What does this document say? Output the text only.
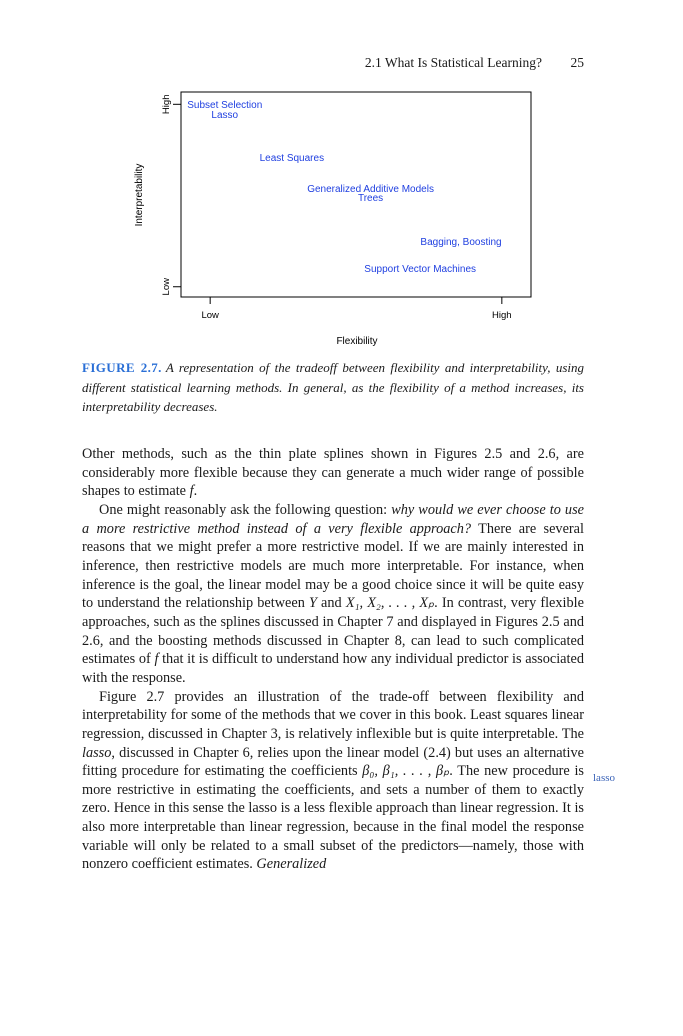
2.1 What Is Statistical Learning? 25
Low
High
Low	High
Subset Selection
Lasso
Least Squares
Generalized Additive Models
Trees
Bagging, Boosting
Support Vector Machines
Flexibility
Interpretability
FIGURE 2.7. A representation of the tradeoff between flexibility and interpretability, using different statistical learning methods. In general, as the flexibility of a method increases, its interpretability decreases.

Other methods, such as the thin plate splines shown in Figures 2.5 and 2.6, are considerably more flexible because they can generate a much wider range of possible shapes to estimate f.

One might reasonably ask the following question: why would we ever choose to use a more restrictive method instead of a very flexible approach? There are several reasons that we might prefer a more restrictive model. If we are mainly interested in inference, then restrictive models are much more interpretable. For instance, when inference is the goal, the linear model may be a good choice since it will be quite easy to understand the relationship between Y and X₁, X₂, . . . , Xₚ. In contrast, very flexible approaches, such as the splines discussed in Chapter 7 and displayed in Figures 2.5 and 2.6, and the boosting methods discussed in Chapter 8, can lead to such complicated estimates of f that it is difficult to understand how any individual predictor is associated with the response.

Figure 2.7 provides an illustration of the trade-off between flexibility and interpretability for some of the methods that we cover in this book. Least squares linear regression, discussed in Chapter 3, is relatively inflexible but is quite interpretable. The lasso, discussed in Chapter 6, relies upon the linear model (2.4) but uses an alternative fitting procedure for estimating the coefficients β₀, β₁, . . . , βₚ. The new procedure is more restrictive in estimating the coefficients, and sets a number of them to exactly zero. Hence in this sense the lasso is a less flexible approach than linear regression. It is also more interpretable than linear regression, because in the final model the response variable will only be related to a small subset of the predictors—namely, those with nonzero coefficient estimates. Generalized

lasso
